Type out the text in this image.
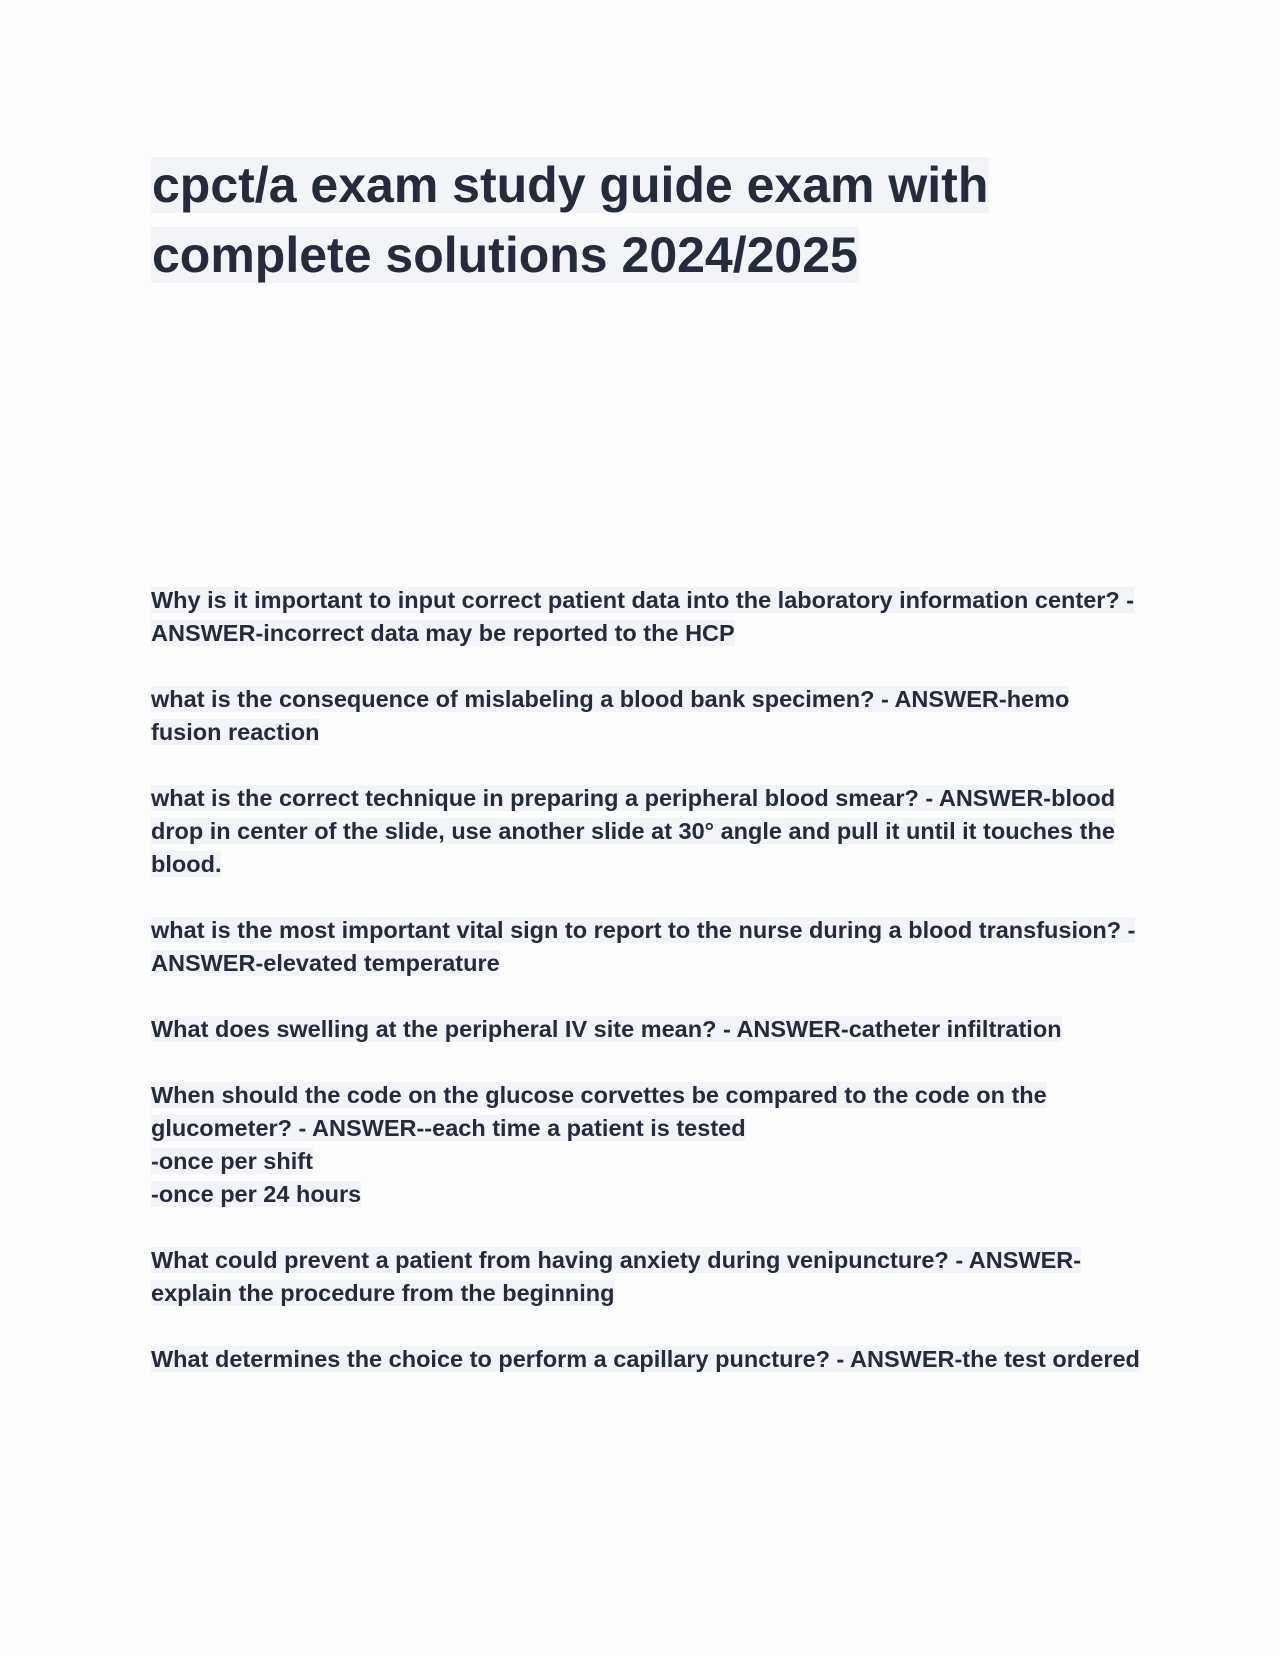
cpct/a exam study guide exam with complete solutions 2024/2025

Why is it important to input correct patient data into the laboratory information center? - ANSWER-incorrect data may be reported to the HCP

what is the consequence of mislabeling a blood bank specimen? - ANSWER-hemo fusion reaction

what is the correct technique in preparing a peripheral blood smear? - ANSWER-blood drop in center of the slide, use another slide at 30° angle and pull it until it touches the blood.

what is the most important vital sign to report to the nurse during a blood transfusion? - ANSWER-elevated temperature

What does swelling at the peripheral IV site mean? - ANSWER-catheter infiltration

When should the code on the glucose corvettes be compared to the code on the glucometer? - ANSWER--each time a patient is tested
-once per shift
-once per 24 hours

What could prevent a patient from having anxiety during venipuncture? - ANSWER-explain the procedure from the beginning

What determines the choice to perform a capillary puncture? - ANSWER-the test ordered
